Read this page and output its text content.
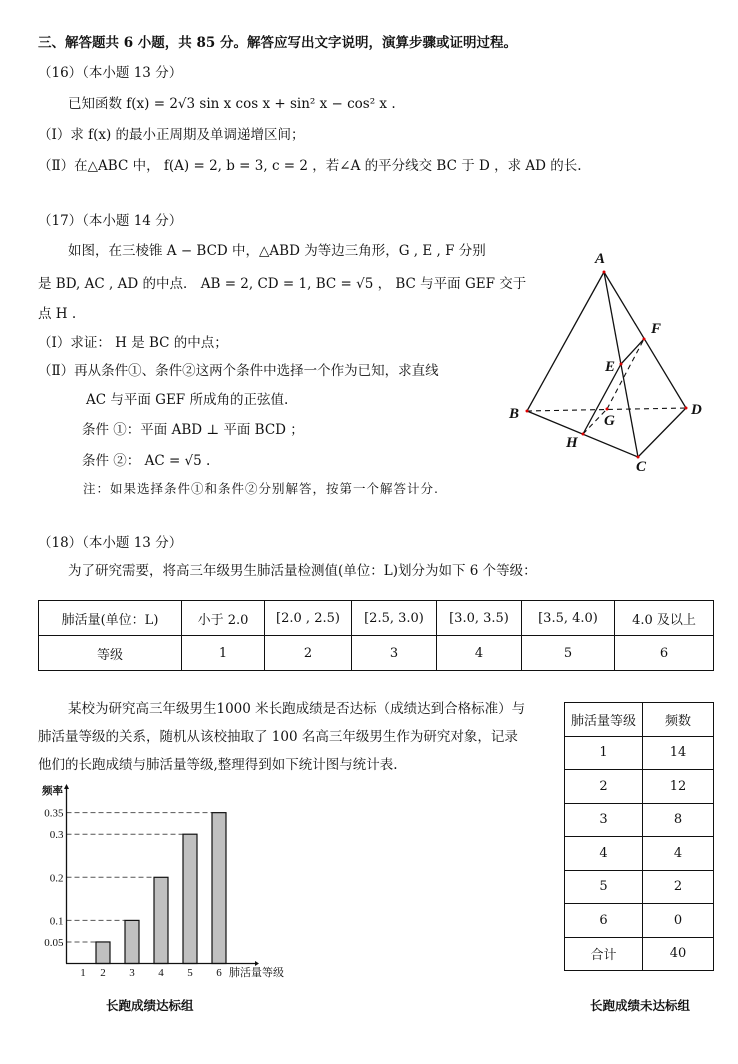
三、解答题共 6 小题，共 85 分。解答应写出文字说明，演算步骤或证明过程。
（16）（本小题 13 分）
已知函数 f(x) = 2√3 sin x cos x + sin² x − cos² x .
（Ⅰ）求 f(x) 的最小正周期及单调递增区间；
（Ⅱ）在△ABC 中， f(A) = 2, b = 3, c = 2 ，若∠A 的平分线交 BC 于 D ，求 AD 的长.
（17）（本小题 14 分）
如图，在三棱锥 A − BCD 中，△ABD 为等边三角形，G , E , F 分别
是 BD, AC , AD 的中点． AB = 2, CD = 1, BC = √5 ， BC 与平面 GEF 交于
点 H .
（Ⅰ）求证： H 是 BC 的中点；
（Ⅱ）再从条件①、条件②这两个条件中选择一个作为已知，求直线
AC 与平面 GEF 所成角的正弦值.
条件 ①：平面 ABD ⊥ 平面 BCD ；
条件 ②： AC = √5 .
注：如果选择条件①和条件②分别解答，按第一个解答计分.
A
B
C
D
E
F
G
H
（18）（本小题 13 分）
为了研究需要，将高三年级男生肺活量检测值(单位：L)划分为如下 6 个等级：
肺活量(单位：L)	小于 2.0	[2.0 , 2.5)	[2.5, 3.0)	[3.0, 3.5)	[3.5, 4.0)	4.0 及以上
等级	1	2	3	4	5	6
某校为研究高三年级男生1000 米长跑成绩是否达标（成绩达到合格标准）与
肺活量等级的关系，随机从该校抽取了 100 名高三年级男生作为研究对象，记录
他们的长跑成绩与肺活量等级,整理得到如下统计图与统计表.
0.05
0.1
0.2
0.3
0.35
1 2 3 4 5 6
频率
肺活量等级
肺活量等级	频数
1	14
2	12
3	8
4	4
5	2
6	0
合计	40
长跑成绩达标组	长跑成绩未达标组
